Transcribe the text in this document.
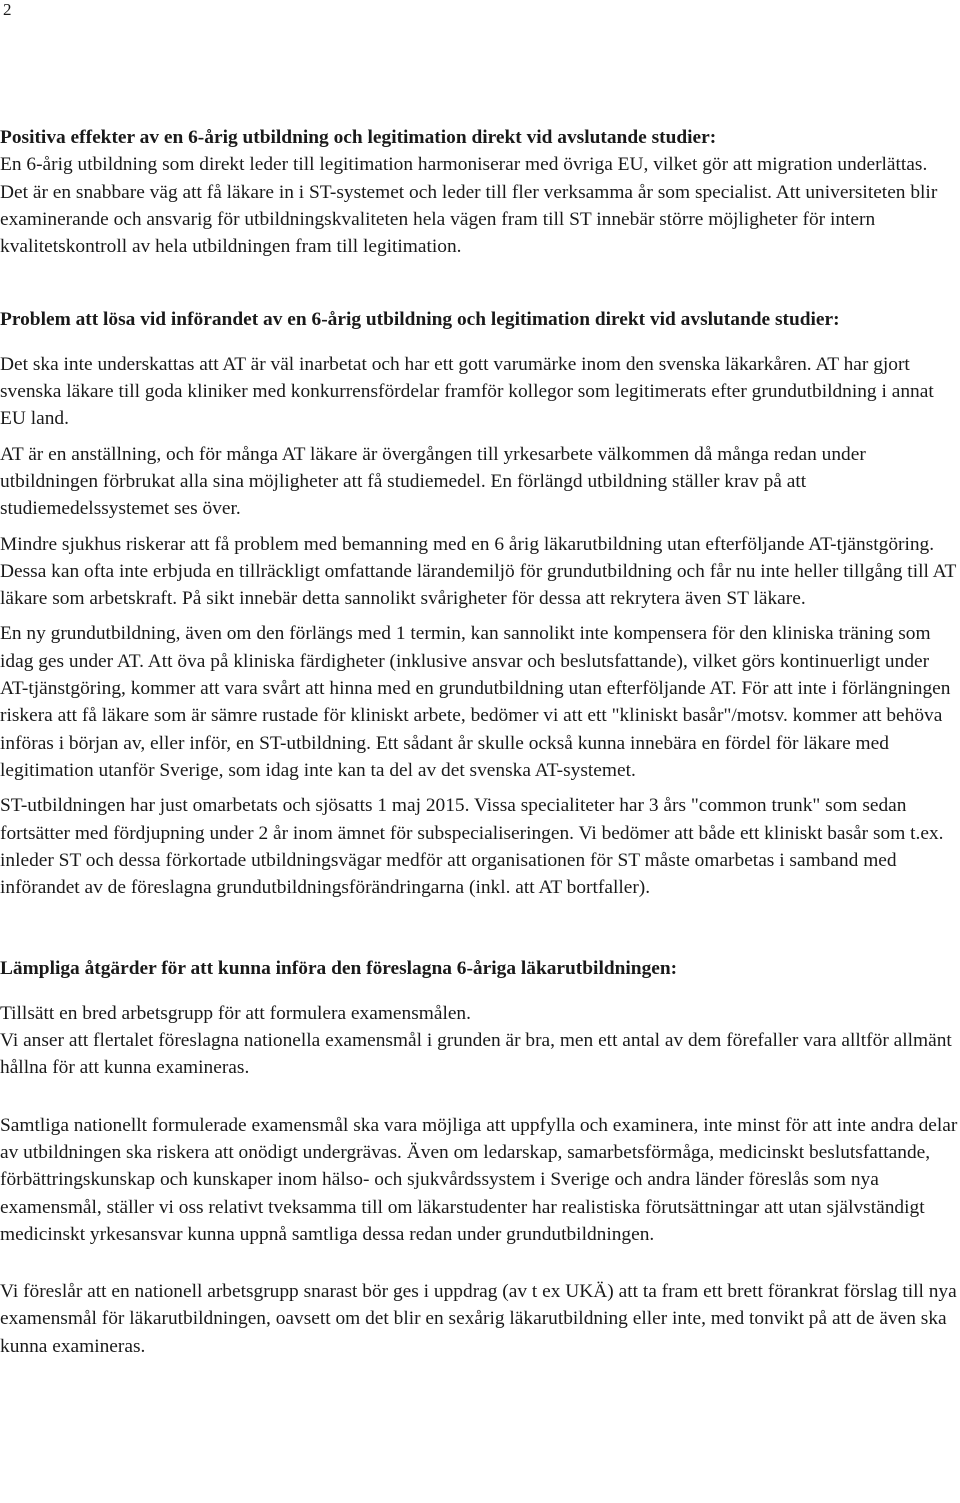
2

Positiva effekter av en 6-årig utbildning och legitimation direkt vid avslutande studier:

En 6-årig utbildning som direkt leder till legitimation harmoniserar med övriga EU, vilket gör att migration underlättas. Det är en snabbare väg att få läkare in i ST-systemet och leder till fler verksamma år som specialist. Att universiteten blir examinerande och ansvarig för utbildningskvaliteten hela vägen fram till ST innebär större möjligheter för intern kvalitetskontroll av hela utbildningen fram till legitimation.

Problem att lösa vid införandet av en 6-årig utbildning och legitimation direkt vid avslutande studier:

Det ska inte underskattas att AT är väl inarbetat och har ett gott varumärke inom den svenska läkarkåren. AT har gjort svenska läkare till goda kliniker med konkurrensfördelar framför kollegor som legitimerats efter grundutbildning i annat EU land.

AT är en anställning, och för många AT läkare är övergången till yrkesarbete välkommen då många redan under utbildningen förbrukat alla sina möjligheter att få studiemedel. En förlängd utbildning ställer krav på att studiemedelssystemet ses över.

Mindre sjukhus riskerar att få problem med bemanning med en 6 årig läkarutbildning utan efterföljande AT-tjänstgöring. Dessa kan ofta inte erbjuda en tillräckligt omfattande lärandemiljö för grundutbildning och får nu inte heller tillgång till AT läkare som arbetskraft. På sikt innebär detta sannolikt svårigheter för dessa att rekrytera även ST läkare.

En ny grundutbildning, även om den förlängs med 1 termin, kan sannolikt inte kompensera för den kliniska träning som idag ges under AT. Att öva på kliniska färdigheter (inklusive ansvar och beslutsfattande), vilket görs kontinuerligt under AT-tjänstgöring, kommer att vara svårt att hinna med en grundutbildning utan efterföljande AT. För att inte i förlängningen riskera att få läkare som är sämre rustade för kliniskt arbete, bedömer vi att ett "kliniskt basår"/motsv. kommer att behöva införas i början av, eller inför, en ST-utbildning. Ett sådant år skulle också kunna innebära en fördel för läkare med legitimation utanför Sverige, som idag inte kan ta del av det svenska AT-systemet.

ST-utbildningen har just omarbetats och sjösatts 1 maj 2015. Vissa specialiteter har 3 års "common trunk" som sedan fortsätter med fördjupning under 2 år inom ämnet för subspecialiseringen. Vi bedömer att både ett kliniskt basår som t.ex. inleder ST och dessa förkortade utbildningsvägar medför att organisationen för ST måste omarbetas i samband med införandet av de föreslagna grundutbildningsförändringarna (inkl. att AT bortfaller).

Lämpliga åtgärder för att kunna införa den föreslagna 6-åriga läkarutbildningen:

Tillsätt en bred arbetsgrupp för att formulera examensmålen.

Vi anser att flertalet föreslagna nationella examensmål i grunden är bra, men ett antal av dem förefaller vara alltför allmänt hållna för att kunna examineras.

Samtliga nationellt formulerade examensmål ska vara möjliga att uppfylla och examinera, inte minst för att inte andra delar av utbildningen ska riskera att onödigt undergrävas. Även om ledarskap, samarbetsförmåga, medicinskt beslutsfattande, förbättringskunskap och kunskaper inom hälso- och sjukvårdssystem i Sverige och andra länder föreslås som nya examensmål, ställer vi oss relativt tveksamma till om läkarstudenter har realistiska förutsättningar att utan självständigt medicinskt yrkesansvar kunna uppnå samtliga dessa redan under grundutbildningen.

Vi föreslår att en nationell arbetsgrupp snarast bör ges i uppdrag (av t ex UKÄ) att ta fram ett brett förankrat förslag till nya examensmål för läkarutbildningen, oavsett om det blir en sexårig läkarutbildning eller inte, med tonvikt på att de även ska kunna examineras.
